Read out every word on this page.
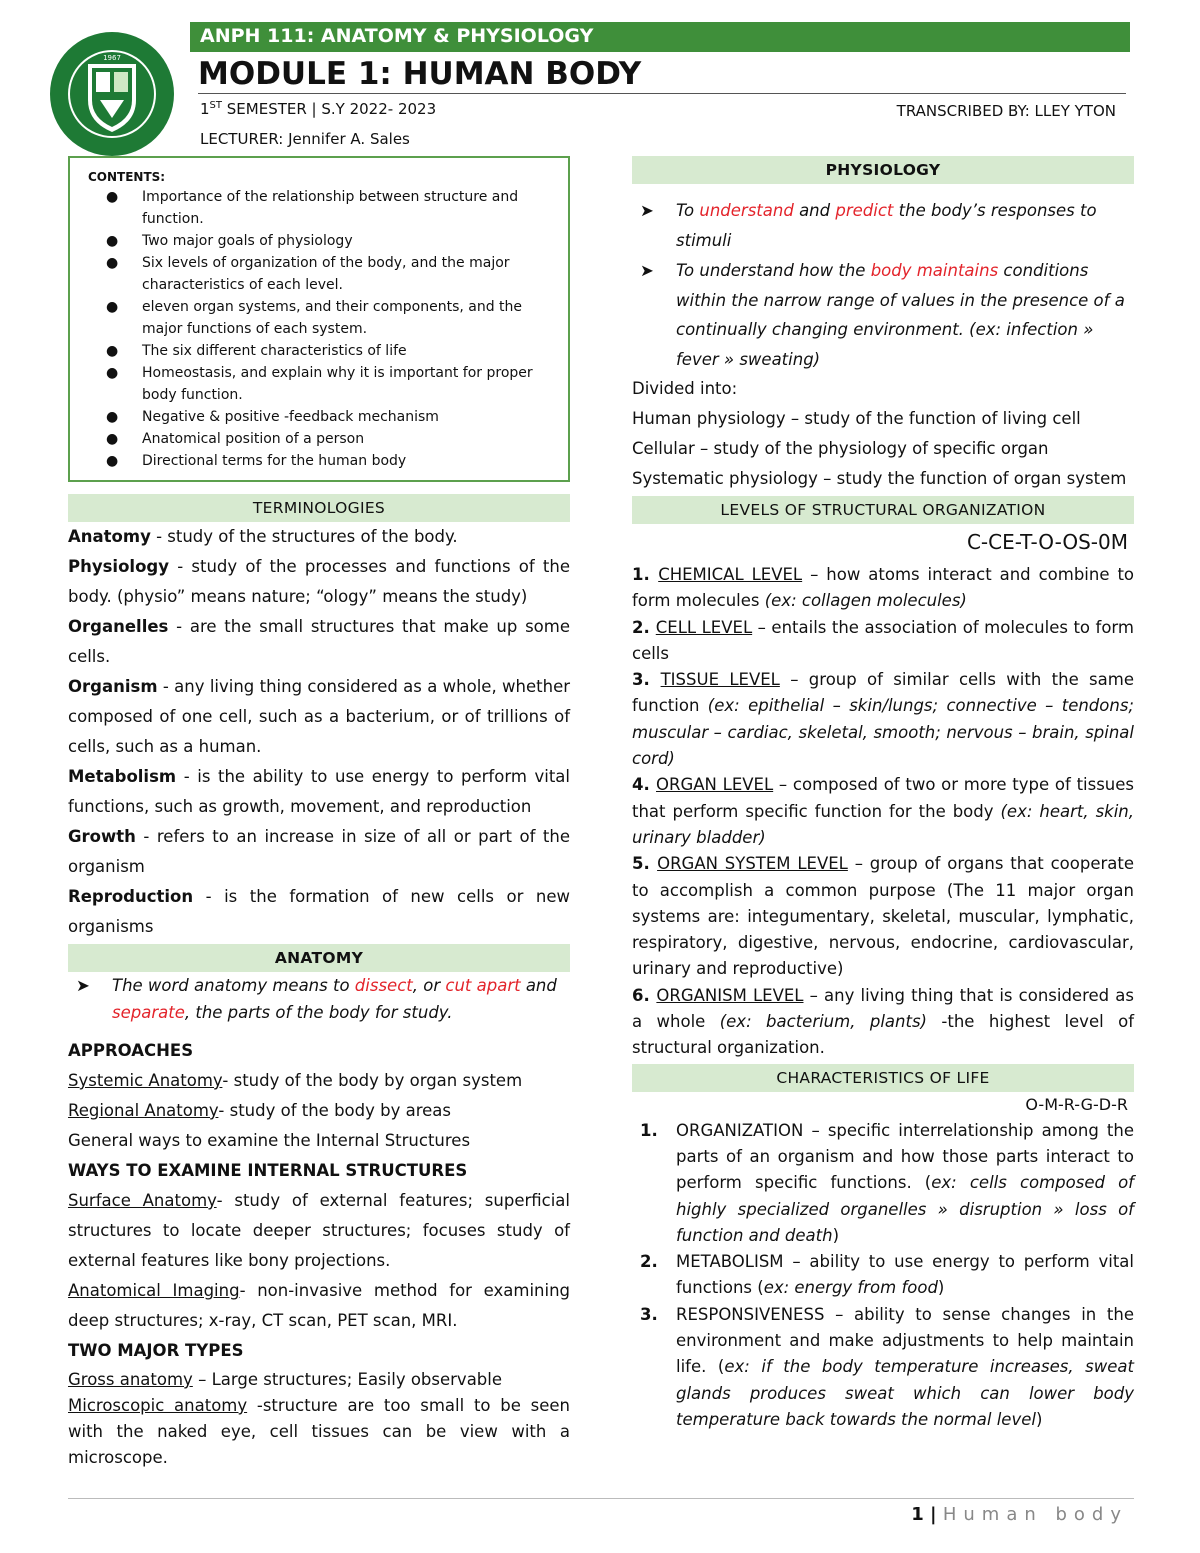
1967
ANPH 111: ANATOMY & PHYSIOLOGY
MODULE 1: HUMAN BODY
1ST SEMESTER | S.Y 2022- 2023	TRANSCRIBED BY: LLEY YTON
LECTURER: Jennifer A. Sales
CONTENTS:
● Importance of the relationship between structure and function.
● Two major goals of physiology
● Six levels of organization of the body, and the major characteristics of each level.
● eleven organ systems, and their components, and the major functions of each system.
● The six different characteristics of life
● Homeostasis, and explain why it is important for proper body function.
● Negative & positive -feedback mechanism
● Anatomical position of a person
● Directional terms for the human body
TERMINOLOGIES

Anatomy - study of the structures of the body.

Physiology - study of the processes and functions of the body. (physio” means nature; “ology” means the study)

Organelles - are the small structures that make up some cells.

Organism - any living thing considered as a whole, whether composed of one cell, such as a bacterium, or of trillions of cells, such as a human.

Metabolism - is the ability to use energy to perform vital functions, such as growth, movement, and reproduction

Growth - refers to an increase in size of all or part of the organism

Reproduction - is the formation of new cells or new organisms

ANATOMY

➤ The word anatomy means to dissect, or cut apart and separate, the parts of the body for study.

APPROACHES

Systemic Anatomy- study of the body by organ system

Regional Anatomy- study of the body by areas

General ways to examine the Internal Structures

WAYS TO EXAMINE INTERNAL STRUCTURES

Surface Anatomy- study of external features; superficial structures to locate deeper structures; focuses study of external features like bony projections.

Anatomical Imaging- non-invasive method for examining deep structures; x-ray, CT scan, PET scan, MRI.

TWO MAJOR TYPES

Gross anatomy – Large structures; Easily observable

Microscopic anatomy -structure are too small to be seen with the naked eye, cell tissues can be view with a microscope.

PHYSIOLOGY

➤ To understand and predict the body’s responses to stimuli

➤ To understand how the body maintains conditions within the narrow range of values in the presence of a continually changing environment. (ex: infection » fever » sweating)

Divided into:

Human physiology – study of the function of living cell

Cellular – study of the physiology of specific organ

Systematic physiology – study the function of organ system

LEVELS OF STRUCTURAL ORGANIZATION

C-CE-T-O-OS-0M

1. CHEMICAL LEVEL – how atoms interact and combine to form molecules (ex: collagen molecules)

2. CELL LEVEL – entails the association of molecules to form cells

3. TISSUE LEVEL – group of similar cells with the same function (ex: epithelial – skin/lungs; connective – tendons; muscular – cardiac, skeletal, smooth; nervous – brain, spinal cord)

4. ORGAN LEVEL – composed of two or more type of tissues that perform specific function for the body (ex: heart, skin, urinary bladder)

5. ORGAN SYSTEM LEVEL – group of organs that cooperate to accomplish a common purpose (The 11 major organ systems are: integumentary, skeletal, muscular, lymphatic, respiratory, digestive, nervous, endocrine, cardiovascular, urinary and reproductive)

6. ORGANISM LEVEL – any living thing that is considered as a whole (ex: bacterium, plants) -the highest level of structural organization.

CHARACTERISTICS OF LIFE

O-M-R-G-D-R

1. ORGANIZATION – specific interrelationship among the parts of an organism and how those parts interact to perform specific functions. (ex: cells composed of highly specialized organelles » disruption » loss of function and death)

2. METABOLISM – ability to use energy to perform vital functions (ex: energy from food)

3. RESPONSIVENESS – ability to sense changes in the environment and make adjustments to help maintain life. (ex: if the body temperature increases, sweat glands produces sweat which can lower body temperature back towards the normal level)

1 | Human body
